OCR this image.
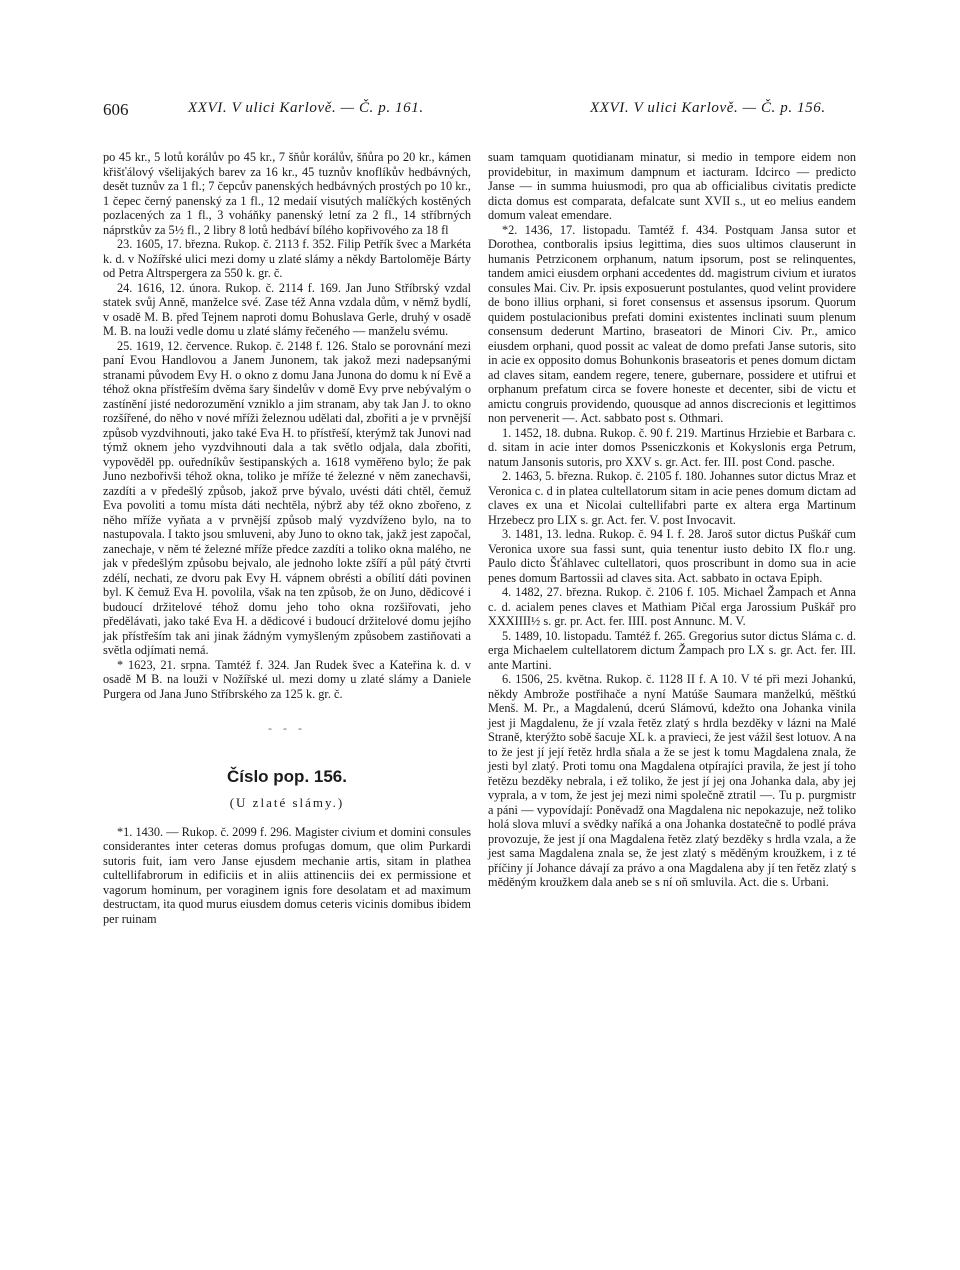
606	XXVI. V ulici Karlově. — Č. p. 161.	XXVI. V ulici Karlově. — Č. p. 156.

po 45 kr., 5 lotů korálův po 45 kr., 7 šňůr korálův, šňůra po 20 kr., kámen křišťálový všelijakých barev za 16 kr., 45 tuznův knoflíkův hedbávných, desět tuznův za 1 fl.; 7 čepcův panenských hedbávných prostých po 10 kr., 1 čepec černý panenský za 1 fl., 12 medaií visutých malíčkých kostěných pozlacených za 1 fl., 3 voháňky panenský letní za 2 fl., 14 stříbrných náprstkův za 5½ fl., 2 libry 8 lotů hedbáví bílého kopřivového za 18 fl

23. 1605, 17. března. Rukop. č. 2113 f. 352. Filip Petřík švec a Markéta k. d. v Nožířské ulici mezi domy u zlaté slámy a někdy Bartoloměje Bárty od Petra Altrspergera za 550 k. gr. č.

24. 1616, 12. února. Rukop. č. 2114 f. 169. Jan Juno Stříbrský vzdal statek svůj Anně, manželce své. Zase též Anna vzdala dům, v němž bydlí, v osadě M. B. před Tejnem naproti domu Bohuslava Gerle, druhý v osadě M. B. na louži vedle domu u zlaté slámy řečeného — manželu svému.

25. 1619, 12. července. Rukop. č. 2148 f. 126. Stalo se porovnání mezi paní Evou Handlovou a Janem Junonem, tak jakož mezi nadepsanými stranami původem Evy H. o okno z domu Jana Junona do domu k ní Evě a téhož okna přístřeším dvěma šary šindelův v domě Evy prve nebývalým o zastínění jisté nedorozumění vzniklo a jim stranam, aby tak Jan J. to okno rozšířené, do něho v nové mříži železnou udělati dal, zbořiti a je v prvnější způsob vyzdvihnouti, jako také Eva H. to přístřeší, kterýmž tak Junovi nad týmž oknem jeho vyzdvihnouti dala a tak světlo odjala, dala zbořiti, vypověděl pp. ouředníkův šestipanských a. 1618 vyměřeno bylo; že pak Juno nezbořivši téhož okna, toliko je mříže té železné v něm zanechavši, zazdíti a v předešlý způsob, jakož prve bývalo, uvésti dáti chtěl, čemuž Eva povoliti a tomu místa dáti nechtěla, nýbrž aby též okno zbořeno, z něho mříže vyňata a v prvnější způsob malý vyzdvíženo bylo, na to nastupovala. I takto jsou smluveni, aby Juno to okno tak, jakž jest započal, zanechaje, v něm té železné mříže předce zazdíti a toliko okna malého, ne jak v předešlým způsobu bejvalo, ale jednoho lokte zšíří a půl pátý čtvrti zdélí, nechati, ze dvoru pak Evy H. vápnem obrésti a obílití dáti povinen byl. K čemuž Eva H. povolila, však na ten způsob, že on Juno, dědicové i budoucí držitelové téhož domu jeho toho okna rozšiřovati, jeho předělávati, jako také Eva H. a dědicové i budoucí držitelové domu jejího jak přístřeším tak ani jinak žádným vymyšleným způsobem zastiňovati a světla odjímati nemá.

* 1623, 21. srpna. Tamtéž f. 324. Jan Rudek švec a Kateřina k. d. v osadě M B. na louži v Nožířské ul. mezi domy u zlaté slámy a Daniele Purgera od Jana Juno Stříbrského za 125 k. gr. č.

- - -
Číslo pop. 156.
(U zlaté slámy.)

*1. 1430. — Rukop. č. 2099 f. 296. Magister civium et domini consules considerantes inter ceteras domus profugas domum, que olim Purkardi sutoris fuit, iam vero Janse ejusdem mechanie artis, sitam in plathea cultellifabrorum in edificiis et in aliis attinenciis dei ex permissione et vagorum hominum, per voraginem ignis fore desolatam et ad maximum destructam, ita quod murus eiusdem domus ceteris vicinis domibus ibidem per ruinam

suam tamquam quotidianam minatur, si medio in tempore eidem non providebitur, in maximum dampnum et iacturam. Idcirco — predicto Janse — in summa huiusmodi, pro qua ab officialibus civitatis predicte dicta domus est comparata, defalcate sunt XVII s., ut eo melius eandem domum valeat emendare.

*2. 1436, 17. listopadu. Tamtéž f. 434. Postquam Jansa sutor et Dorothea, contboralis ipsius legittima, dies suos ultimos clauserunt in humanis Petrziconem orphanum, natum ipsorum, post se relinquentes, tandem amici eiusdem orphani accedentes dd. magistrum civium et iuratos consules Mai. Civ. Pr. ipsis exposuerunt postulantes, quod velint providere de bono illius orphani, si foret consensus et assensus ipsorum. Quorum quidem postulacionibus prefati domini existentes inclinati suum plenum consensum dederunt Martino, braseatori de Minori Civ. Pr., amico eiusdem orphani, quod possit ac valeat de domo prefati Janse sutoris, sito in acie ex opposito domus Bohunkonis braseatoris et penes domum dictam ad claves sitam, eandem regere, tenere, gubernare, possidere et utifrui et orphanum prefatum circa se fovere honeste et decenter, sibi de victu et amictu congruis providendo, quousque ad annos discrecionis et legittimos non pervenerit —. Act. sabbato post s. Othmari.

1. 1452, 18. dubna. Rukop. č. 90 f. 219. Martinus Hrziebie et Barbara c. d. sitam in acie inter domos Psseniczkonis et Kokyslonis erga Petrum, natum Jansonis sutoris, pro XXV s. gr. Act. fer. III. post Cond. pasche.

2. 1463, 5. března. Rukop. č. 2105 f. 180. Johannes sutor dictus Mraz et Veronica c. d in platea cultellatorum sitam in acie penes domum dictam ad claves ex una et Nicolai cultellifabri parte ex altera erga Martinum Hrzebecz pro LIX s. gr. Act. fer. V. post Invocavit.

3. 1481, 13. ledna. Rukop. č. 94 I. f. 28. Jaroš sutor dictus Puškář cum Veronica uxore sua fassi sunt, quia tenentur iusto debito IX flo.r ung. Paulo dicto Šťáhlavec cultellatori, quos proscribunt in domo sua in acie penes domum Bartossii ad claves sita. Act. sabbato in octava Epiph.

4. 1482, 27. března. Rukop. č. 2106 f. 105. Michael Žampach et Anna c. d. acialem penes claves et Mathiam Pičal erga Jarossium Puškář pro XXXIIII½ s. gr. pr. Act. fer. IIII. post Annunc. M. V.

5. 1489, 10. listopadu. Tamtéž f. 265. Gregorius sutor dictus Sláma c. d. erga Michaelem cultellatorem dictum Žampach pro LX s. gr. Act. fer. III. ante Martini.

6. 1506, 25. května. Rukop. č. 1128 II f. A 10. V té při mezi Johankú, někdy Ambrože postřihače a nyní Matúše Saumara manželkú, měštkú Menš. M. Pr., a Magdalenú, dcerú Slámovú, kdežto ona Johanka vinila jest ji Magdalenu, že jí vzala řetěz zlatý s hrdla bezděky v lázni na Malé Straně, kterýžto sobě šacuje XL k. a pravieci, že jest vážil šest lotuov. A na to že jest jí její řetěz hrdla sňala a že se jest k tomu Magdalena znala, že jesti byl zlatý. Proti tomu ona Magdalena otpírajíci pravila, že jest jí toho řetězu bezděky nebrala, i ež toliko, že jest jí jej ona Johanka dala, aby jej vyprala, a v tom, že jest jej mezi nimi společně ztratil —. Tu p. purgmistr a páni — vypovídají: Poněvadž ona Magdalena nic nepokazuje, než toliko holá slova mluví a svědky naříká a ona Johanka dostatečně to podlé práva provozuje, že jest jí ona Magdalena řetěz zlatý bezděky s hrdla vzala, a že jest sama Magdalena znala se, že jest zlatý s měděným kroužkem, i z té příčiny jí Johance dávají za právo a ona Magdalena aby jí ten řetěz zlatý s měděným kroužkem dala aneb se s ní oň smluvila. Act. die s. Urbani.
